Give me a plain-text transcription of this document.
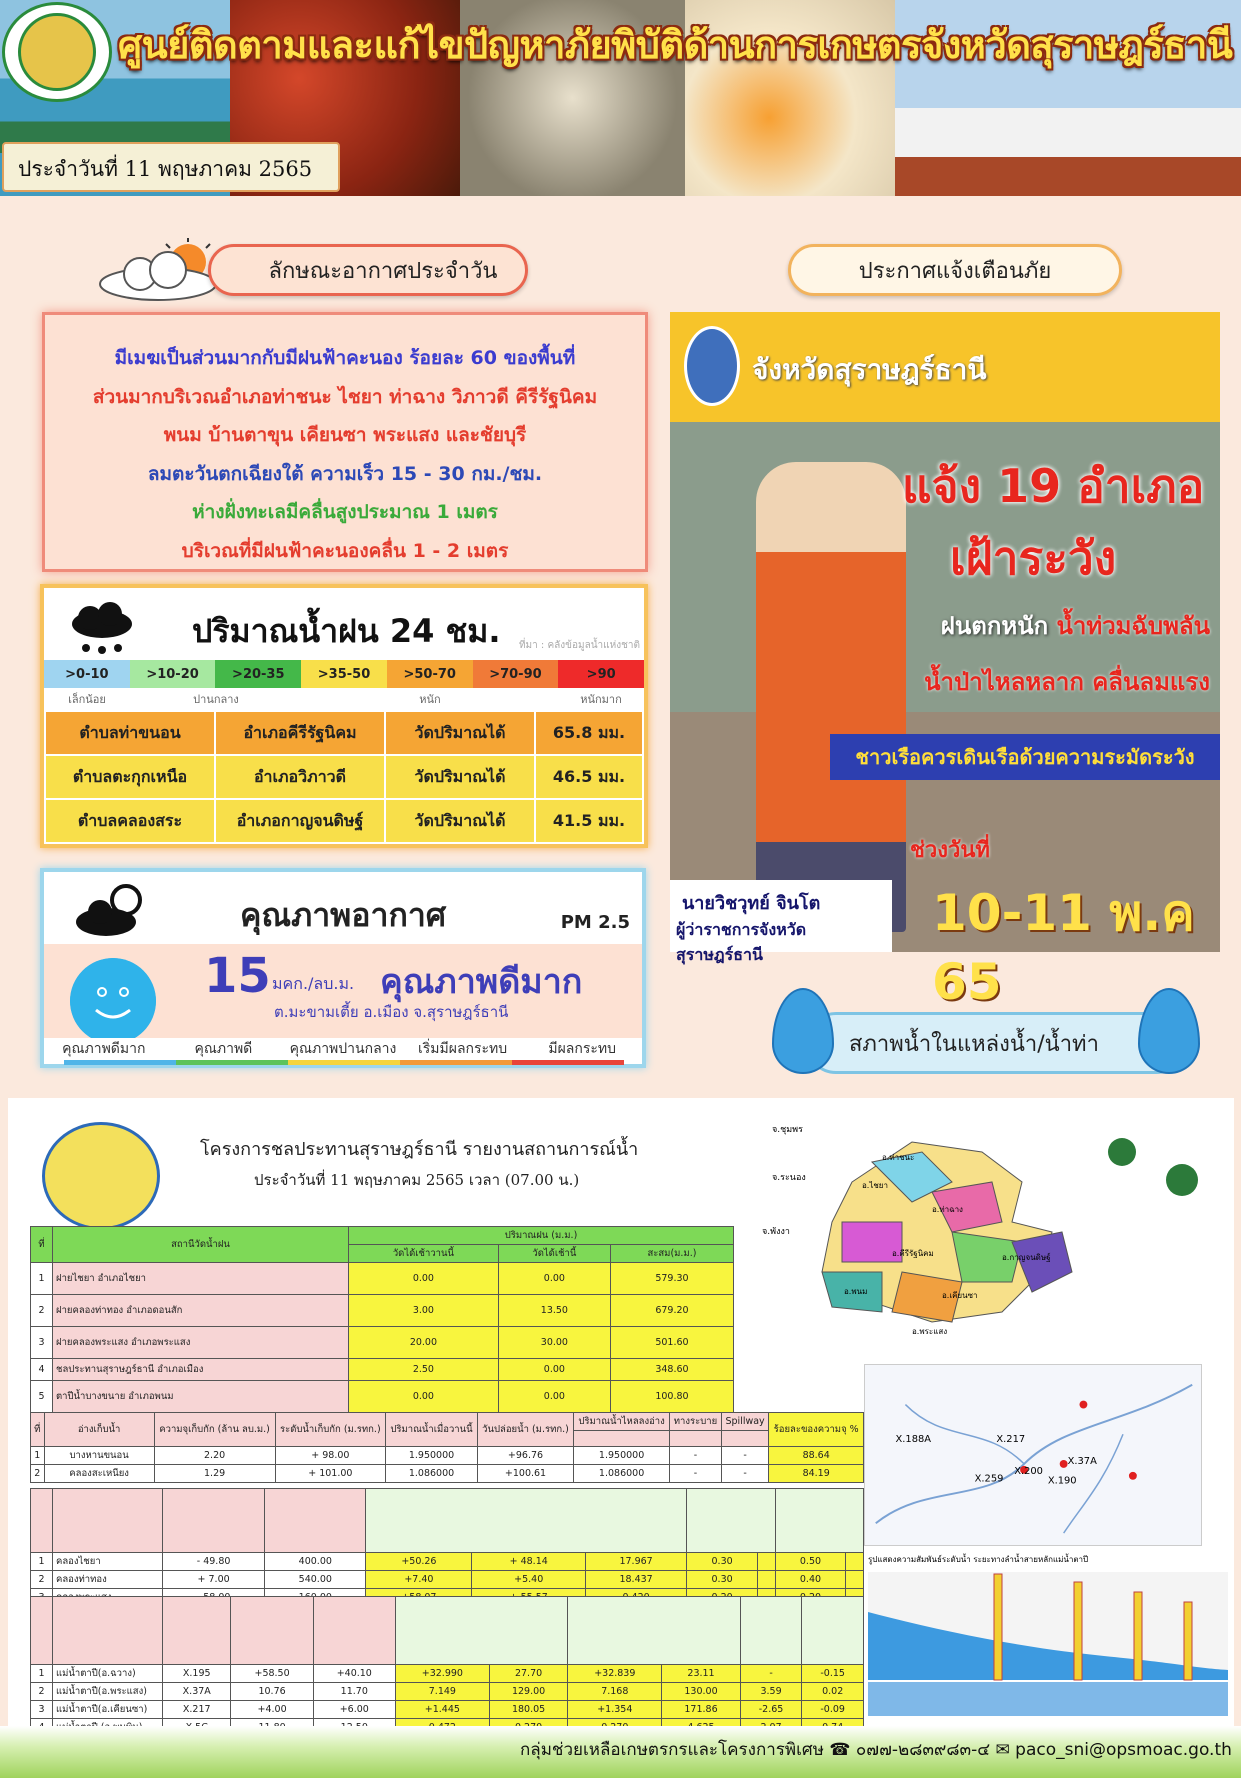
ศูนย์ติดตามและแก้ไขปัญหาภัยพิบัติด้านการเกษตรจังหวัดสุราษฎร์ธานี
ประจำวันที่ 11 พฤษภาคม 2565
ลักษณะอากาศประจำวัน
มีเมฆเป็นส่วนมากกับมีฝนฟ้าคะนอง ร้อยละ 60 ของพื้นที่
ส่วนมากบริเวณอำเภอท่าชนะ ไชยา ท่าฉาง วิภาวดี คีรีรัฐนิคม
พนม บ้านตาขุน เคียนซา พระแสง และชัยบุรี
ลมตะวันตกเฉียงใต้ ความเร็ว 15 - 30 กม./ชม.
ห่างฝั่งทะเลมีคลื่นสูงประมาณ 1 เมตร
บริเวณที่มีฝนฟ้าคะนองคลื่น 1 - 2 เมตร
ปริมาณน้ำฝน 24 ชม. ที่มา : คลังข้อมูลน้ำแห่งชาติ
>0-10	>10-20	>20-35	>35-50	>50-70	>70-90	>90
เล็กน้อย	ปานกลาง	หนัก	หนักมาก
ตำบลท่าขนอน	อำเภอคีรีรัฐนิคม	วัดปริมาณได้	65.8 มม.
ตำบลตะกุกเหนือ	อำเภอวิภาวดี	วัดปริมาณได้	46.5 มม.
ตำบลคลองสระ	อำเภอกาญจนดิษฐ์	วัดปริมาณได้	41.5 มม.
คุณภาพอากาศ	PM 2.5
15 มคก./ลบ.ม. คุณภาพดีมาก
ต.มะขามเตี้ย อ.เมือง จ.สุราษฎร์ธานี
คุณภาพดีมาก	คุณภาพดี	คุณภาพปานกลาง	เริ่มมีผลกระทบ	มีผลกระทบ
ประกาศแจ้งเตือนภัย
จังหวัดสุราษฎร์ธานี
แจ้ง 19 อำเภอ
เฝ้าระวัง
ฝนตกหนัก น้ำท่วมฉับพลัน
น้ำป่าไหลหลาก คลื่นลมแรง
ชาวเรือควรเดินเรือด้วยความระมัดระวัง
ช่วงวันที่
10-11 พ.ค 65
นายวิชวุทย์ จินโต
ผู้ว่าราชการจังหวัดสุราษฎร์ธานี
สภาพน้ำในแหล่งน้ำ/น้ำท่า
โครงการชลประทานสุราษฎร์ธานี รายงานสถานการณ์น้ำ
ประจำวันที่ 11 พฤษภาคม 2565 เวลา (07.00 น.)
ที่	สถานีวัดน้ำฝน	ปริมาณฝน (ม.ม.)		
		วัดได้เช้าวานนี้	วัดได้เช้านี้	สะสม(ม.ม.)
1	ฝายไชยา อำเภอไชยา	0.00	0.00	579.30
2	ฝายคลองท่าทอง อำเภอดอนสัก	3.00	13.50	679.20
3	ฝายคลองพระแสง อำเภอพระแสง	20.00	30.00	501.60
4	ชลประทานสุราษฎร์ธานี อำเภอเมือง	2.50	0.00	348.60
5	ตาปีน้ำบางขนาย อำเภอพนม	0.00	0.00	100.80
ที่	อ่างเก็บน้ำ	ความจุเก็บกัก (ล้าน ลบ.ม.)	ระดับน้ำเก็บกัก (ม.รทก.)	ปริมาณน้ำเมื่อวานนี้	วันปล่อยน้ำ (ม.รทก.)	ปริมาณน้ำไหลลงอ่าง	ทางระบาย	Spillway	ร้อยละของความจุ %

1	บางหานขนอน	2.20	+ 98.00	1.950000	+96.76	1.950000	-	-	88.64
2	คลองสะเหนียง	1.29	+ 101.00	1.086000	+100.61	1.086000	-	-	84.19

1	คลองไชยา	- 49.80	400.00	+50.26	+ 48.14	17.967	0.30		0.50	
2	คลองท่าทอง	+ 7.00	540.00	+7.40	+5.40	18.437	0.30		0.40	

1	แม่น้ำตาปี(อ.ฉวาง)	X.195	+58.50	+40.10	+32.990	27.70	+32.839	23.11	-	-0.15
2	แม่น้ำตาปี(อ.พระแสง)	X.37A	10.76	11.70	7.149	129.00	7.168	130.00	3.59	0.02
3	แม่น้ำตาปี(อ.เคียนซา)	X.217	+4.00	+6.00	+1.445	180.05	+1.354	171.86	-2.65	-0.09

จ.ชุมพร
จ.ระนอง
จ.พังงา
อ.ท่าชนะ
อ.ไชยา
อ.ท่าฉาง
อ.คีรีรัฐนิคม
อ.พนม
อ.พระแสง
อ.เคียนซา
อ.กาญจนดิษฐ์
X.188A	X.217
X.37A
X.259
X.200
X.190
รูปแสดงความสัมพันธ์ระดับน้ำ ระยะทางลำน้ำสายหลักแม่น้ำตาปี
กลุ่มช่วยเหลือเกษตรกรและโครงการพิเศษ ☎ ๐๗๗-๒๘๓๙๘๓-๔ ✉ paco_sni@opsmoac.go.th
